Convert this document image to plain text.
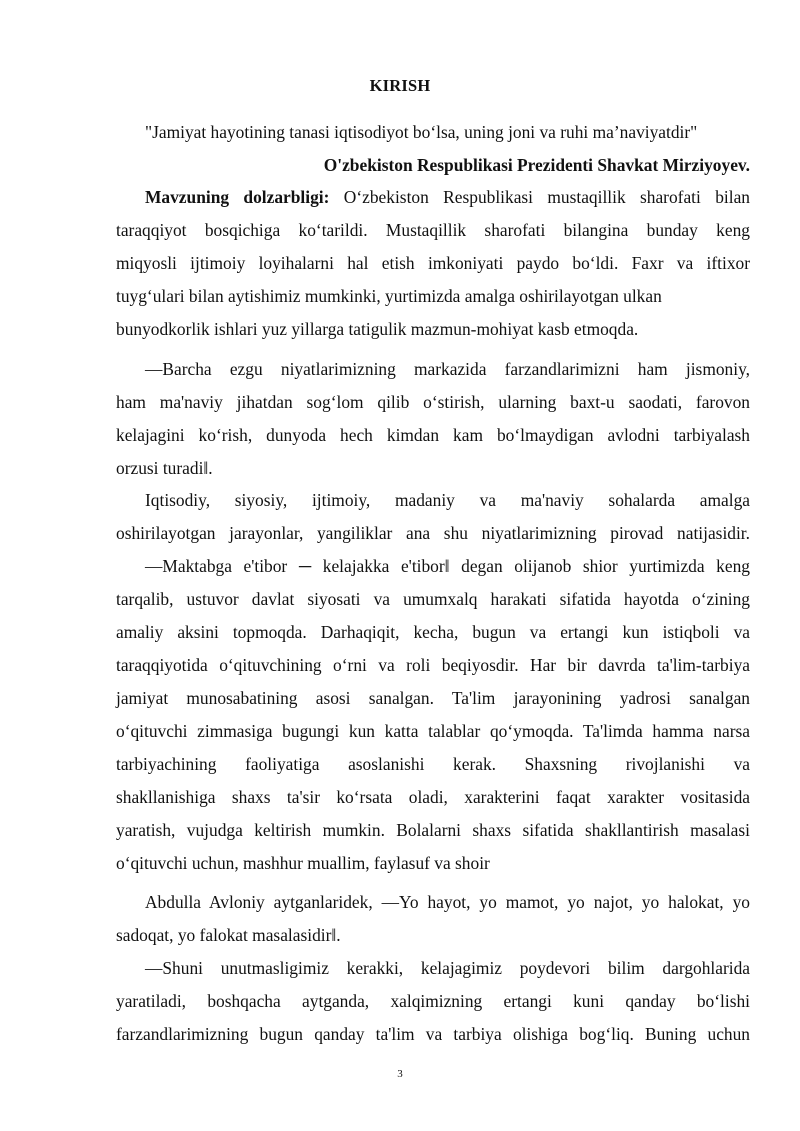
KIRISH
"Jamiyat hayotining tanasi iqtisodiyot bo‘lsa, uning joni va ruhi ma’naviyatdir"
O'zbekiston Respublikasi Prezidenti Shavkat Mirziyoyev.
Mavzuning dolzarbligi: O‘zbekiston Respublikasi mustaqillik sharofati bilan
taraqqiyot bosqichiga ko‘tarildi. Mustaqillik sharofati bilangina bunday keng
miqyosli ijtimoiy loyihalarni hal etish imkoniyati paydo bo‘ldi. Faxr va iftixor
tuyg‘ulari bilan aytishimiz mumkinki, yurtimizda amalga oshirilayotgan ulkan
bunyodkorlik ishlari yuz yillarga tatigulik mazmun-mohiyat kasb etmoqda.
―Barcha ezgu niyatlarimizning markazida farzandlarimizni ham jismoniy,
ham ma'naviy jihatdan sog‘lom qilib o‘stirish, ularning baxt-u saodati, farovon
kelajagini ko‘rish, dunyoda hech kimdan kam bo‘lmaydigan avlodni tarbiyalash
orzusi turadi‖.
Iqtisodiy, siyosiy, ijtimoiy, madaniy va ma'naviy sohalarda amalga
oshirilayotgan jarayonlar, yangiliklar ana shu niyatlarimizning pirovad natijasidir.
―Maktabga e'tibor ─ kelajakka e'tibor‖ degan olijanob shior yurtimizda keng
tarqalib, ustuvor davlat siyosati va umumxalq harakati sifatida hayotda o‘zining
amaliy aksini topmoqda. Darhaqiqit, kecha, bugun va ertangi kun istiqboli va
taraqqiyotida o‘qituvchining o‘rni va roli beqiyosdir. Har bir davrda ta'lim-tarbiya
jamiyat munosabatining asosi sanalgan. Ta'lim jarayonining yadrosi sanalgan
o‘qituvchi zimmasiga bugungi kun katta talablar qo‘ymoqda. Ta'limda hamma narsa
tarbiyachining faoliyatiga asoslanishi kerak. Shaxsning rivojlanishi va
shakllanishiga shaxs ta'sir ko‘rsata oladi, xarakterini faqat xarakter vositasida
yaratish, vujudga keltirish mumkin. Bolalarni shaxs sifatida shakllantirish masalasi
o‘qituvchi uchun, mashhur muallim, faylasuf va shoir
Abdulla Avloniy aytganlaridek, ―Yo hayot, yo mamot, yo najot, yo halokat, yo
sadoqat, yo falokat masalasidir‖.
―Shuni unutmasligimiz kerakki, kelajagimiz poydevori bilim dargohlarida
yaratiladi, boshqacha aytganda, xalqimizning ertangi kuni qanday bo‘lishi
farzandlarimizning bugun qanday ta'lim va tarbiya olishiga bog‘liq. Buning uchun
3
